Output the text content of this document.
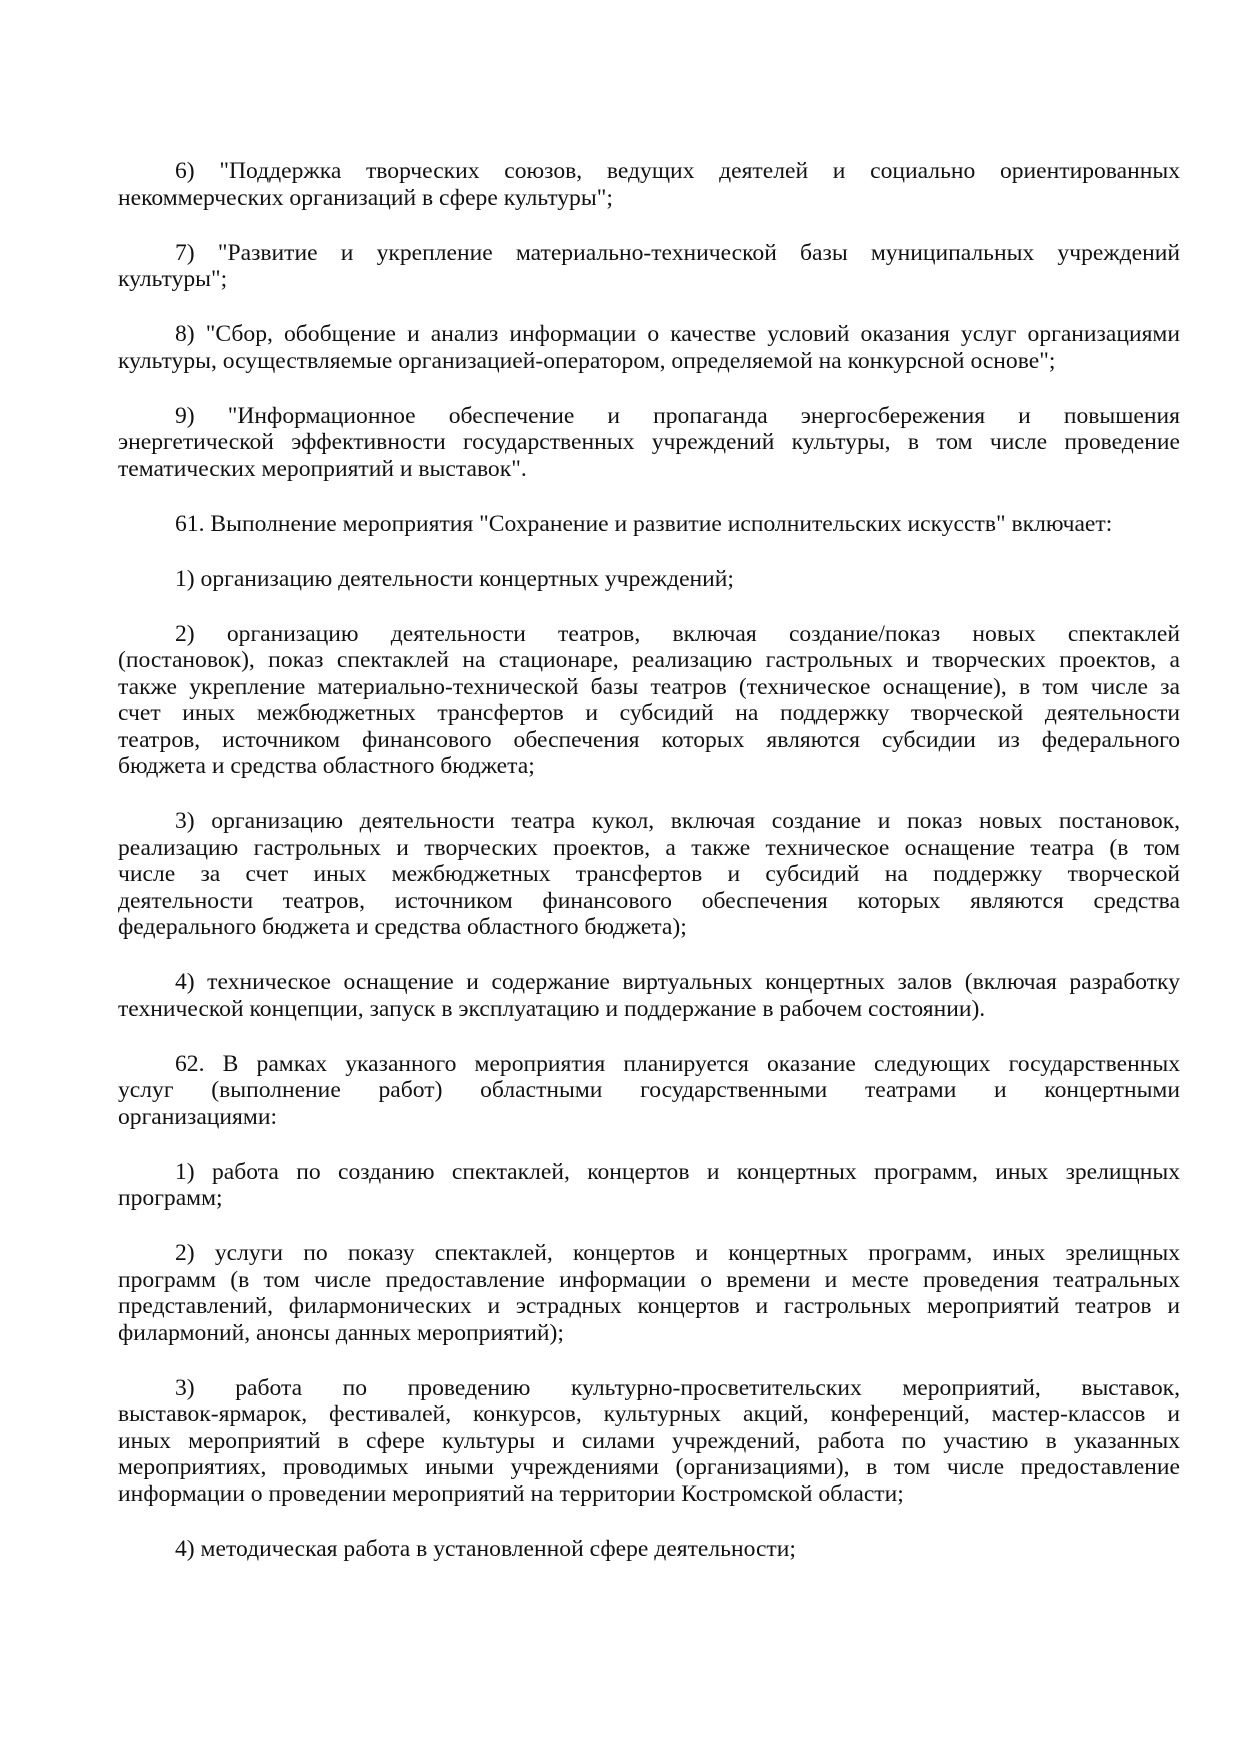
6) "Поддержка творческих союзов, ведущих деятелей и социально ориентированных
некоммерческих организаций в сфере культуры";
7) "Развитие и укрепление материально-технической базы муниципальных учреждений
культуры";
8) "Сбор, обобщение и анализ информации о качестве условий оказания услуг организациями
культуры, осуществляемые организацией-оператором, определяемой на конкурсной основе";
9) "Информационное обеспечение и пропаганда энергосбережения и повышения
энергетической эффективности государственных учреждений культуры, в том числе проведение
тематических мероприятий и выставок".
61. Выполнение мероприятия "Сохранение и развитие исполнительских искусств" включает:
1) организацию деятельности концертных учреждений;
2) организацию деятельности театров, включая создание/показ новых спектаклей
(постановок), показ спектаклей на стационаре, реализацию гастрольных и творческих проектов, а
также укрепление материально-технической базы театров (техническое оснащение), в том числе за
счет иных межбюджетных трансфертов и субсидий на поддержку творческой деятельности
театров, источником финансового обеспечения которых являются субсидии из федерального
бюджета и средства областного бюджета;
3) организацию деятельности театра кукол, включая создание и показ новых постановок,
реализацию гастрольных и творческих проектов, а также техническое оснащение театра (в том
числе за счет иных межбюджетных трансфертов и субсидий на поддержку творческой
деятельности театров, источником финансового обеспечения которых являются средства
федерального бюджета и средства областного бюджета);
4) техническое оснащение и содержание виртуальных концертных залов (включая разработку
технической концепции, запуск в эксплуатацию и поддержание в рабочем состоянии).
62. В рамках указанного мероприятия планируется оказание следующих государственных
услуг (выполнение работ) областными государственными театрами и концертными
организациями:
1) работа по созданию спектаклей, концертов и концертных программ, иных зрелищных
программ;
2) услуги по показу спектаклей, концертов и концертных программ, иных зрелищных
программ (в том числе предоставление информации о времени и месте проведения театральных
представлений, филармонических и эстрадных концертов и гастрольных мероприятий театров и
филармоний, анонсы данных мероприятий);
3) работа по проведению культурно-просветительских мероприятий, выставок,
выставок-ярмарок, фестивалей, конкурсов, культурных акций, конференций, мастер-классов и
иных мероприятий в сфере культуры и силами учреждений, работа по участию в указанных
мероприятиях, проводимых иными учреждениями (организациями), в том числе предоставление
информации о проведении мероприятий на территории Костромской области;
4) методическая работа в установленной сфере деятельности;
